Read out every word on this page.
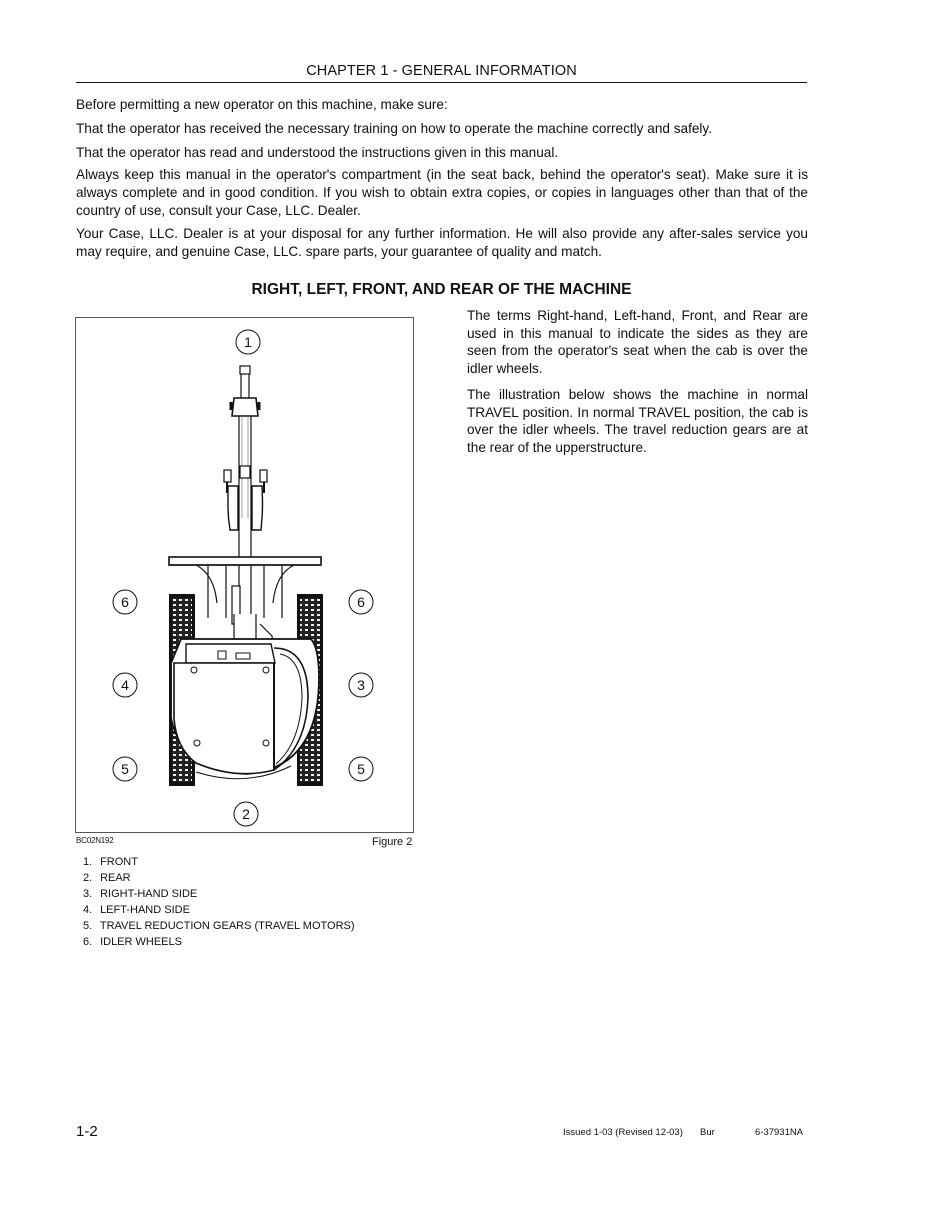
CHAPTER 1 - GENERAL INFORMATION
Before permitting a new operator on this machine, make sure:
That the operator has received the necessary training on how to operate the machine correctly and safely.
That the operator has read and understood the instructions given in this manual.
Always keep this manual in the operator's compartment (in the seat back, behind the operator's seat). Make sure it is always complete and in good condition. If you wish to obtain extra copies, or copies in languages other than that of the country of use, consult your Case, LLC. Dealer.
Your Case, LLC. Dealer is at your disposal for any further information. He will also provide any after-sales service you may require, and genuine Case, LLC. spare parts, your guarantee of quality and match.
RIGHT, LEFT, FRONT, AND REAR OF THE MACHINE
The terms Right-hand, Left-hand, Front, and Rear are used in this manual to indicate the sides as they are seen from the operator's seat when the cab is over the idler wheels.
The illustration below shows the machine in normal TRAVEL position. In normal TRAVEL position, the cab is over the idler wheels. The travel reduction gears are at the rear of the upperstructure.
1
6	6
4	3
5	5
2
BC02N192	Figure 2
1. FRONT
2. REAR
3. RIGHT-HAND SIDE
4. LEFT-HAND SIDE
5. TRAVEL REDUCTION GEARS (TRAVEL MOTORS)
6. IDLER WHEELS
1-2	Issued 1-03 (Revised 12-03) Bur	6-37931NA
